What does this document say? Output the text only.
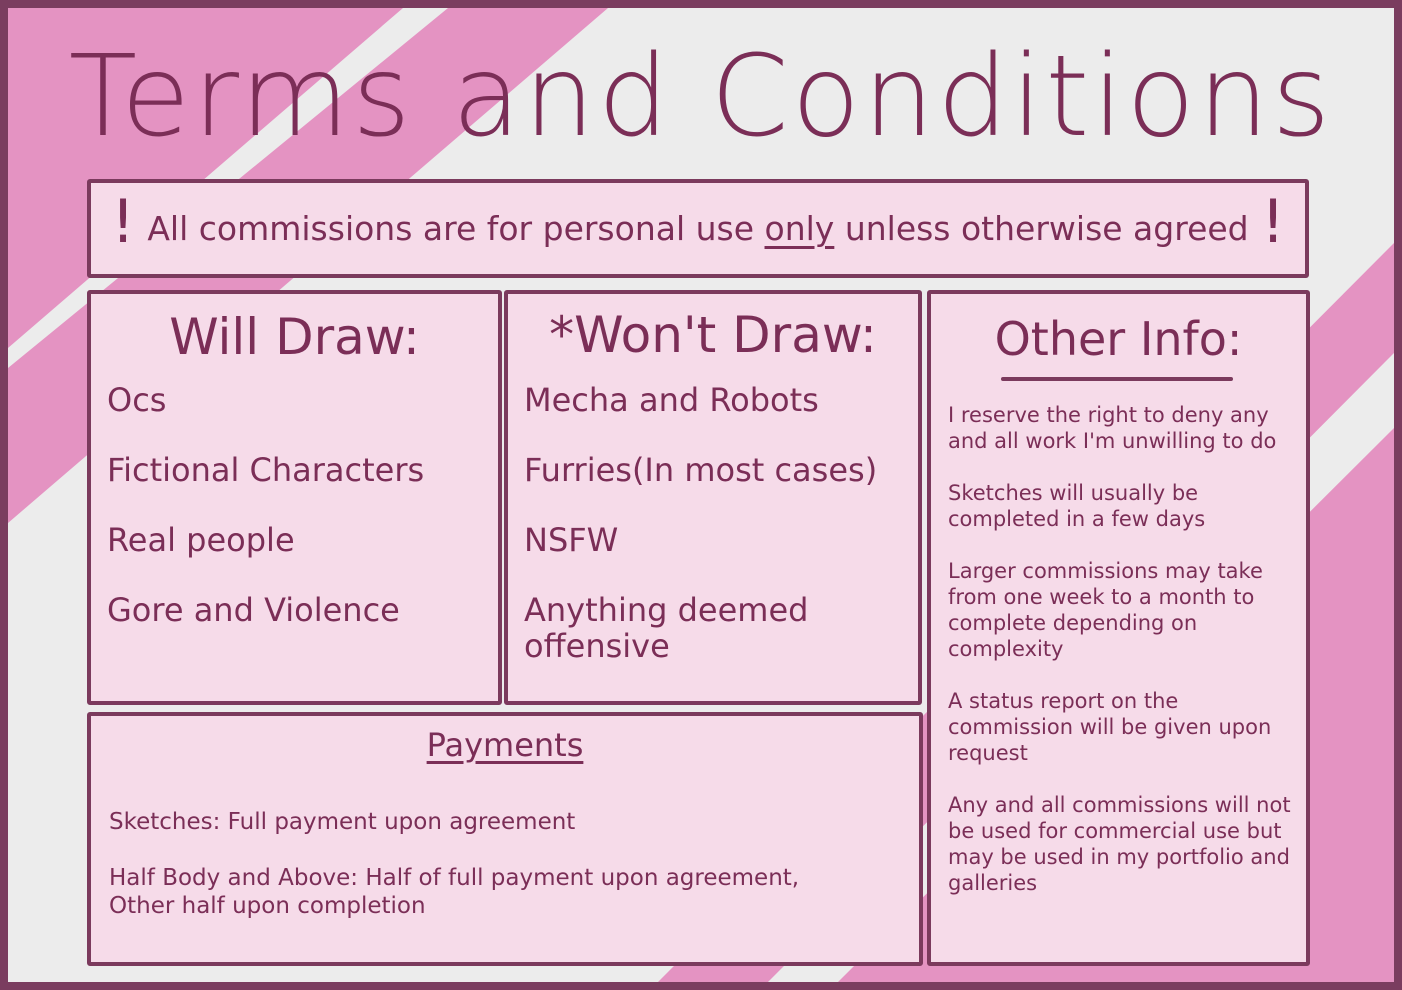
Terms and Conditions
! All commissions are for personal use only unless otherwise agreed !
Will Draw:
Ocs
Fictional Characters
Real people
Gore and Violence
*Won't Draw:
Mecha and Robots
Furries(In most cases)
NSFW
Anything deemed offensive
Other Info:

I reserve the right to deny any and all work I'm unwilling to do

Sketches will usually be completed in a few days

Larger commissions may take from one week to a month to complete depending on complexity

A status report on the commission will be given upon request

Any and all commissions will not be used for commercial use but may be used in my portfolio and galleries

Payments

Sketches: Full payment upon agreement

Half Body and Above: Half of full payment upon agreement, Other half upon completion
